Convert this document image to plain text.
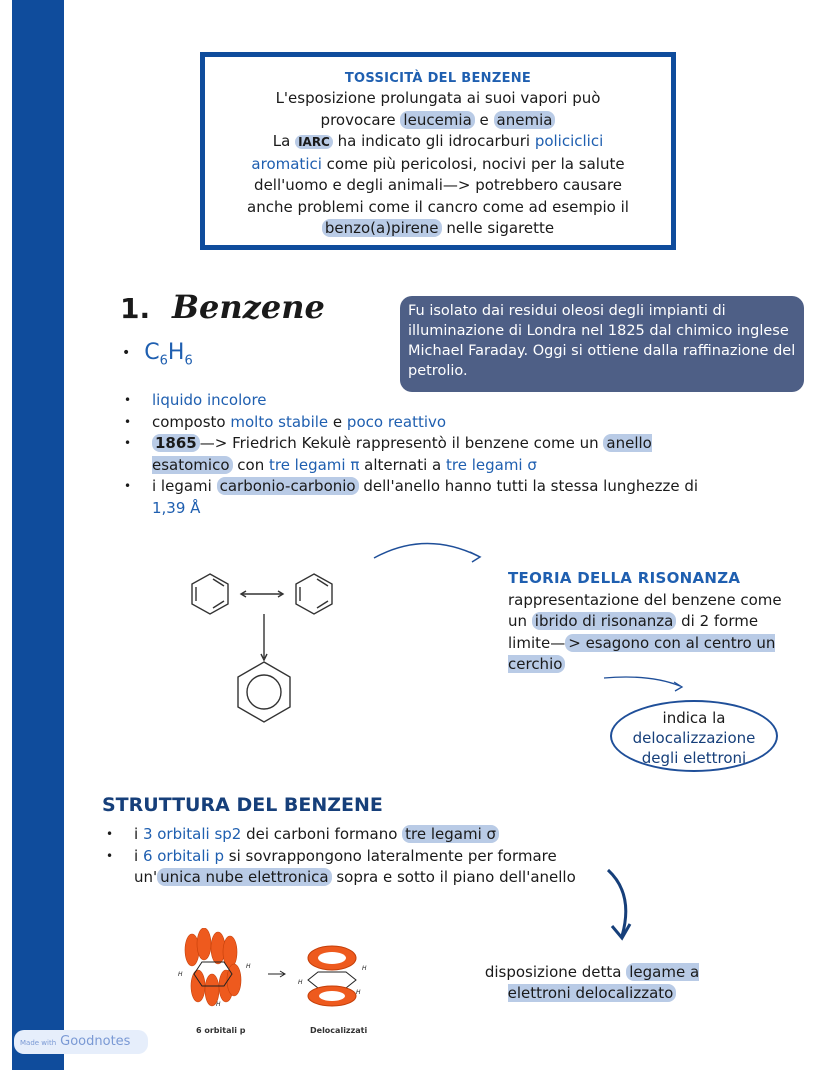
TOSSICITÀ DEL BENZENE

L'esposizione prolungata ai suoi vapori può
provocare leucemia e anemia
La IARC ha indicato gli idrocarburi policiclici
aromatici come più pericolosi, nocivi per la salute
dell'uomo e degli animali—> potrebbero causare
anche problemi come il cancro come ad esempio il
benzo(a)pirene nelle sigarette

1. Benzene
• $C_6H_6$
Fu isolato dai residui oleosi degli impianti di illuminazione di Londra nel 1825 dal chimico inglese Michael Faraday. Oggi si ottiene dalla raffinazione del petrolio.
• liquido incolore
• composto molto stabile e poco reattivo
• 1865 —> Friedrich Kekulè rappresentò il benzene come un anello esatomico con tre legami π alternati a tre legami σ
• i legami carbonio-carbonio dell'anello hanno tutti la stessa lunghezze di 1,39 Å
TEORIA DELLA RISONANZA
rappresentazione del benzene come un ibrido di risonanza di 2 forme limite— > esagono con al centro un cerchio
indica la
delocalizzazione degli elettroni
STRUTTURA DEL BENZENE
• i 3 orbitali sp2 dei carboni formano tre legami σ
• i 6 orbitali p si sovrappongono lateralmente per formare un' unica nube elettronica sopra e sotto il piano dell'anello
H
H
H
H
H
H
6 orbitali p	Delocalizzati
disposizione detta legame a elettroni delocalizzato
Made with Goodnotes
